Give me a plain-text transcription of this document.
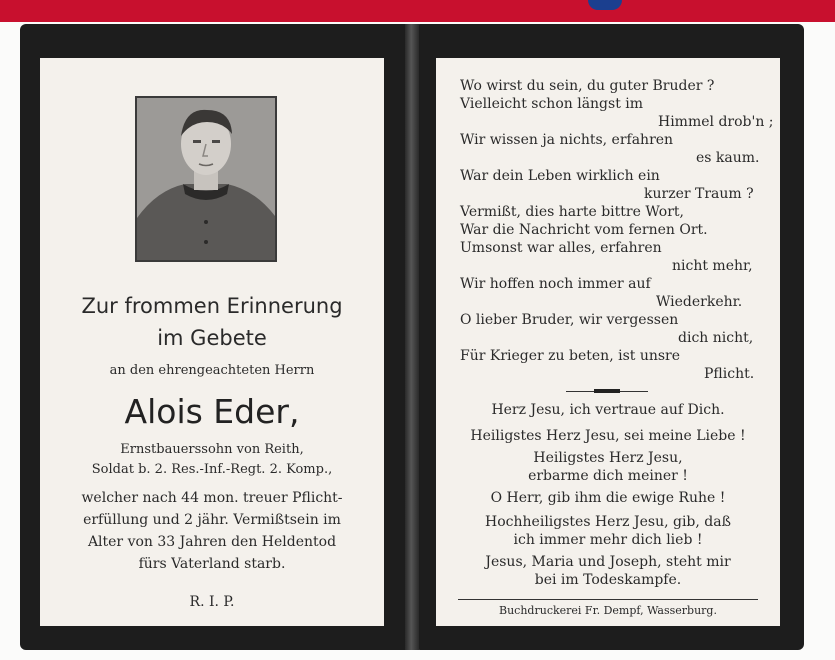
Zur frommen Erinnerung
im Gebete
an den ehrengeachteten Herrn
Alois Eder,
Ernstbauerssohn von Reith,
Soldat b. 2. Res.-Inf.-Regt. 2. Komp.,
welcher nach 44 mon. treuer Pflicht-
erfüllung und 2 jähr. Vermißtsein im
Alter von 33 Jahren den Heldentod
fürs Vaterland starb.
R. I. P.
Wo wirst du sein, du guter Bruder ?
Vielleicht schon längst im
Himmel drob'n ;
Wir wissen ja nichts, erfahren
es kaum.
War dein Leben wirklich ein
kurzer Traum ?
Vermißt, dies harte bittre Wort,
War die Nachricht vom fernen Ort.
Umsonst war alles, erfahren
nicht mehr,
Wir hoffen noch immer auf
Wiederkehr.
O lieber Bruder, wir vergessen
dich nicht,
Für Krieger zu beten, ist unsre
Pflicht.
Herz Jesu, ich vertraue auf Dich.
Heiligstes Herz Jesu, sei meine Liebe !
Heiligstes Herz Jesu,
erbarme dich meiner !
O Herr, gib ihm die ewige Ruhe !
Hochheiligstes Herz Jesu, gib, daß
ich immer mehr dich lieb !
Jesus, Maria und Joseph, steht mir
bei im Todeskampfe.
Buchdruckerei Fr. Dempf, Wasserburg.
